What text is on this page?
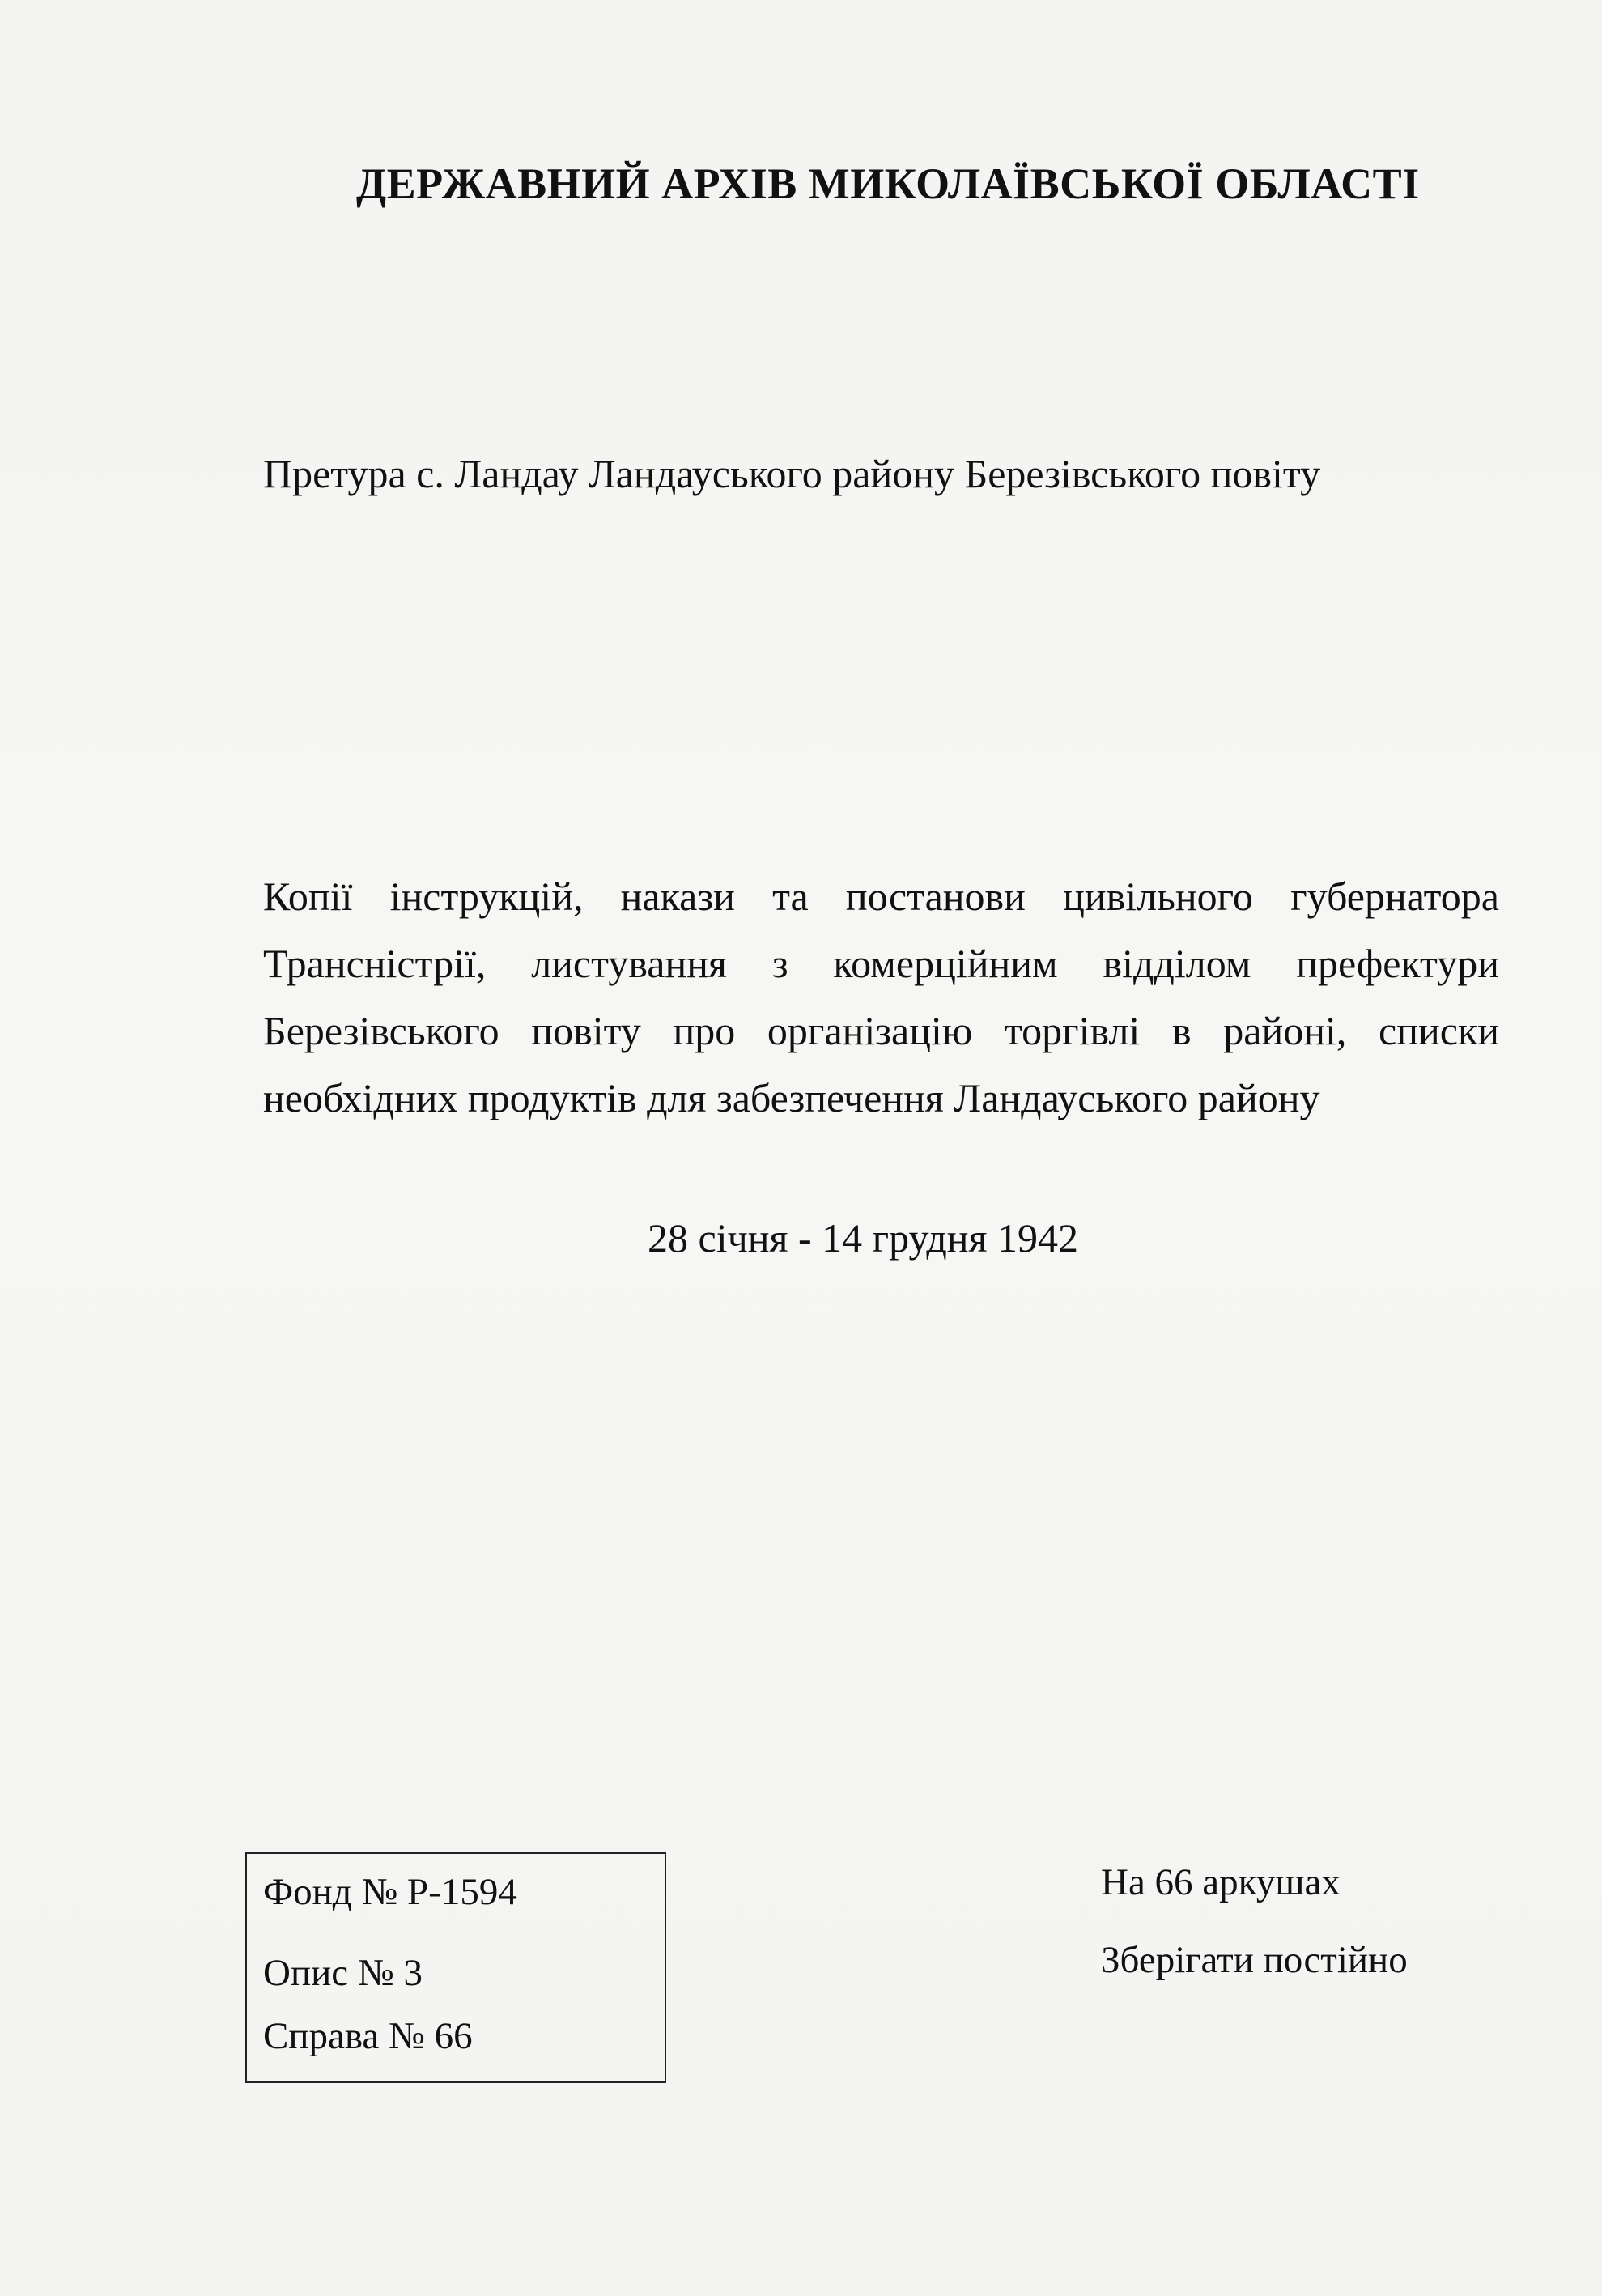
ДЕРЖАВНИЙ АРХІВ МИКОЛАЇВСЬКОЇ ОБЛАСТІ
Претура с. Ландау Ландауського району Березівського повіту
Копії інструкцій, накази та постанови цивільного губернатора Трансністрії, листування з комерційним відділом префектури Березівського повіту про організацію торгівлі в районі, списки необхідних продуктів для забезпечення Ландауського району
28 січня - 14 грудня 1942
Фонд № Р-1594
Опис № 3
Справа № 66
На 66 аркушах
Зберігати постійно
